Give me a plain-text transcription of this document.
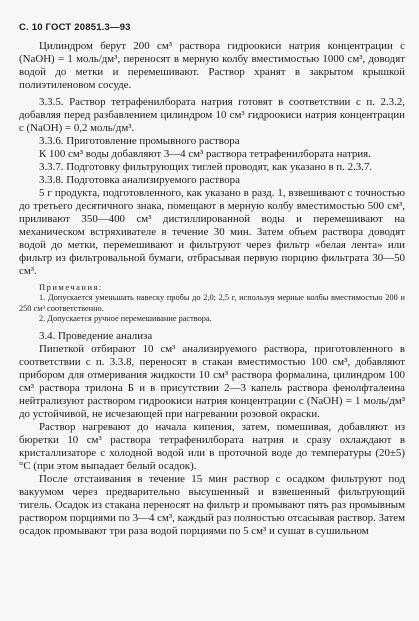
С. 10 ГОСТ 20851.3—93

Цилиндром берут 200 см³ раствора гидроокиси натрия концентрации с (NaOH) = 1 моль/дм³, переносят в мерную колбу вместимостью 1000 см³, доводят водой до метки и перемешивают. Раствор хранят в закрытом крышкой полиэтиленовом сосуде.

3.3.5. Раствор тетрафенилбората натрия готовят в соответствии с п. 2.3.2, добавляя перед разбавлением цилиндром 10 см³ гидроокиси натрия концентрации с (NaOH) = 0,2 моль/дм³.

3.3.6. Приготовление промывного раствора

К 100 см³ воды добавляют 3—4 см³ раствора тетрафенилбората натрия.

3.3.7. Подготовку фильтрующих тиглей проводят, как указано в п. 2.3.7.

3.3.8. Подготовка анализируемого раствора

5 г продукта, подготовленного, как указано в разд. 1, взвешивают с точностью до третьего десятичного знака, помещают в мерную колбу вместимостью 500 см³, приливают 350—400 см³ дистиллированной воды и перемешивают на механическом встряхивателе в течение 30 мин. Затем объем раствора доводят водой до метки, перемешивают и фильтруют через фильтр «белая лента» или фильтр из фильтровальной бумаги, отбрасывая первую порцию фильтрата 30—50 см³.

Примечания:

1. Допускается уменьшать навеску пробы до 2,0; 2,5 г, используя мерные колбы вместимостью 200 и 250 см³ соответственно.

2. Допускается ручное перемешивание раствора.

3.4. Проведение анализа

Пипеткой отбирают 10 см³ анализируемого раствора, приготовленного в соответствии с п. 3.3.8, переносят в стакан вместимостью 100 см³, добавляют прибором для отмеривания жидкости 10 см³ раствора формалина, цилиндром 100 см³ раствора трилона Б и в присутствии 2—3 капель раствора фенолфталеина нейтрализуют раствором гидроокиси натрия концентрации с (NaOH) = 1 моль/дм³ до устойчивой, не исчезающей при нагревании розовой окраски.

Раствор нагревают до начала кипения, затем, помешивая, добавляют из бюретки 10 см³ раствора тетрафенилбората натрия и сразу охлаждают в кристаллизаторе с холодной водой или в проточной воде до температуры (20±5) °С (при этом выпадает белый осадок).

После отстаивания в течение 15 мин раствор с осадком фильтруют под вакуумом через предварительно высушенный и взвешенный фильтрующий тигель. Осадок из стакана переносят на фильтр и промывают пять раз промывным раствором порциями по 3—4 см³, каждый раз полностью отсасывая раствор. Затем осадок промывают три раза водой порциями по 5 см³ и сушат в сушильном
